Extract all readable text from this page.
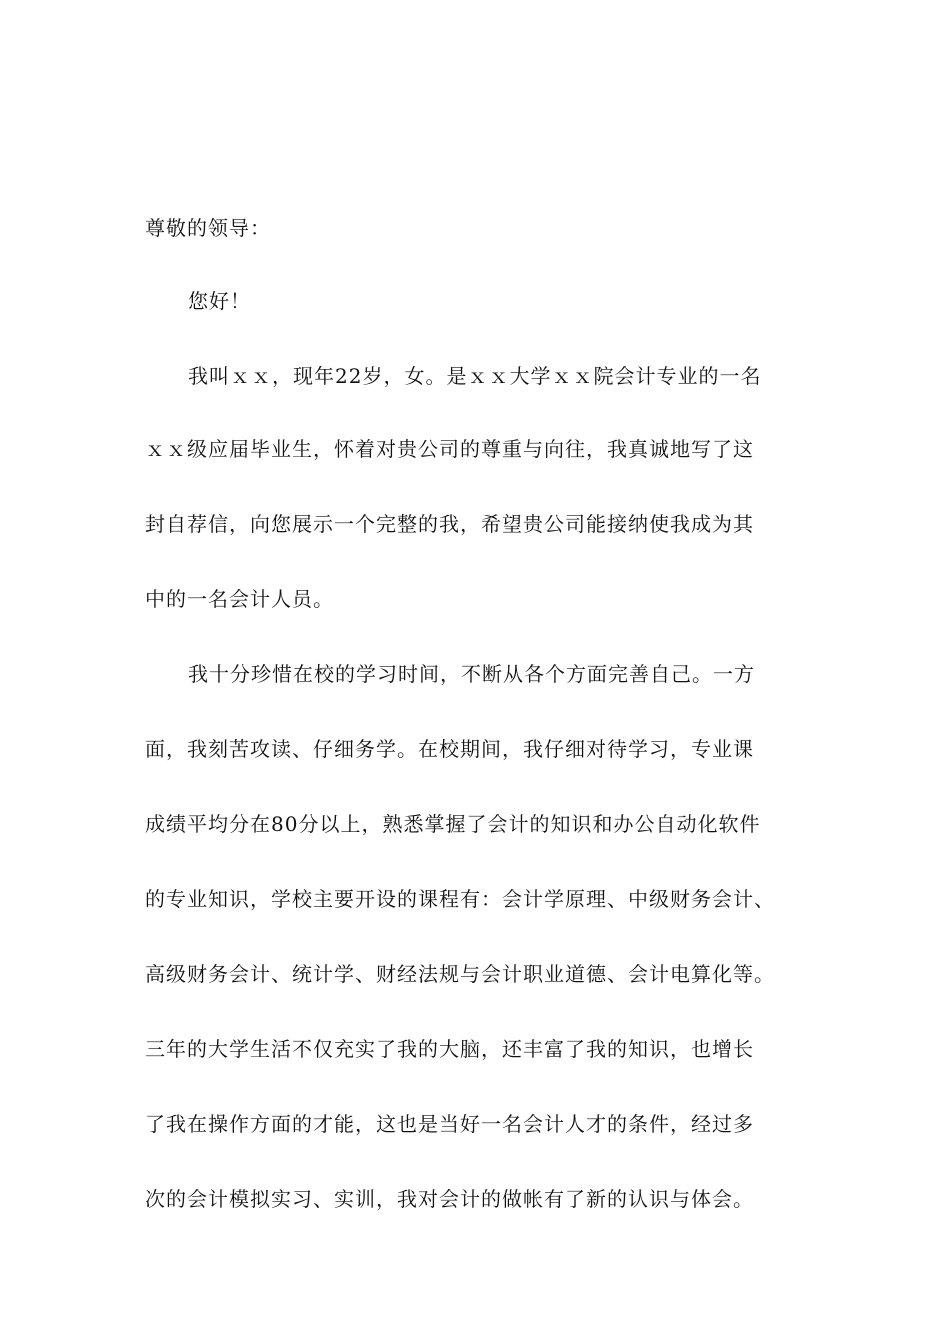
尊敬的领导：
您好！
我叫ｘｘ，现年22岁，女。是ｘｘ大学ｘｘ院会计专业的一名
ｘｘ级应届毕业生，怀着对贵公司的尊重与向往，我真诚地写了这
封自荐信，向您展示一个完整的我，希望贵公司能接纳使我成为其
中的一名会计人员。
我十分珍惜在校的学习时间，不断从各个方面完善自己。一方
面，我刻苦攻读、仔细务学。在校期间，我仔细对待学习，专业课
成绩平均分在80分以上，熟悉掌握了会计的知识和办公自动化软件
的专业知识，学校主要开设的课程有：会计学原理、中级财务会计、
高级财务会计、统计学、财经法规与会计职业道德、会计电算化等。
三年的大学生活不仅充实了我的大脑，还丰富了我的知识，也增长
了我在操作方面的才能，这也是当好一名会计人才的条件，经过多
次的会计模拟实习、实训，我对会计的做帐有了新的认识与体会。
